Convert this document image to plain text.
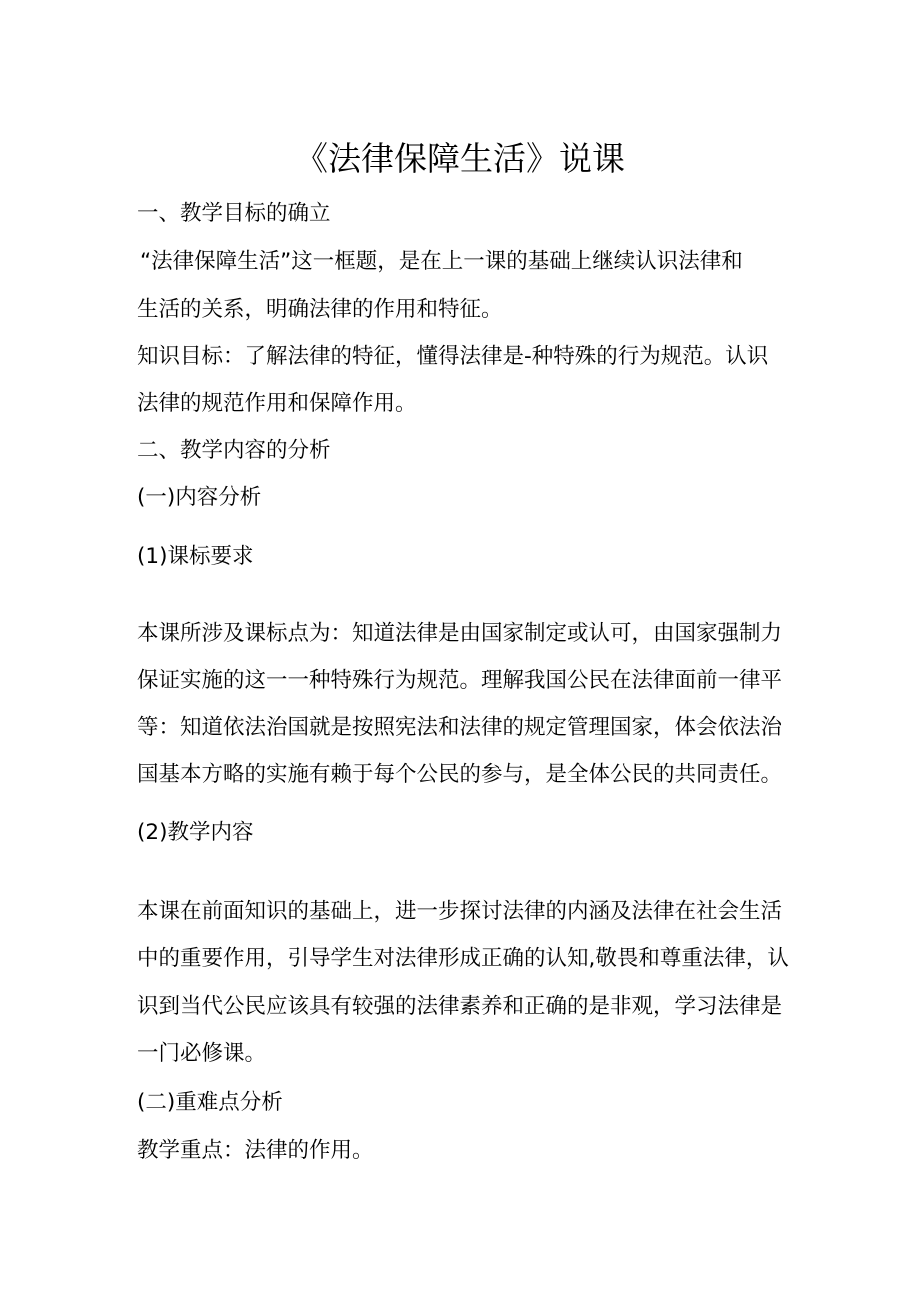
《法律保障生活》说课
一、教学目标的确立
“法律保障生活”这一框题，是在上一课的基础上继续认识法律和
生活的关系，明确法律的作用和特征。
知识目标：了解法律的特征，懂得法律是-种特殊的行为规范。认识
法律的规范作用和保障作用。
二、教学内容的分析
(一)内容分析
(1)课标要求
本课所涉及课标点为：知道法律是由国家制定或认可，由国家强制力
保证实施的这一一种特殊行为规范。理解我国公民在法律面前一律平
等：知道依法治国就是按照宪法和法律的规定管理国家，体会依法治
国基本方略的实施有赖于每个公民的参与，是全体公民的共同责任。
(2)教学内容
本课在前面知识的基础上，进一步探讨法律的内涵及法律在社会生活
中的重要作用，引导学生对法律形成正确的认知,敬畏和尊重法律，认
识到当代公民应该具有较强的法律素养和正确的是非观，学习法律是
一门必修课。
(二)重难点分析
教学重点：法律的作用。
